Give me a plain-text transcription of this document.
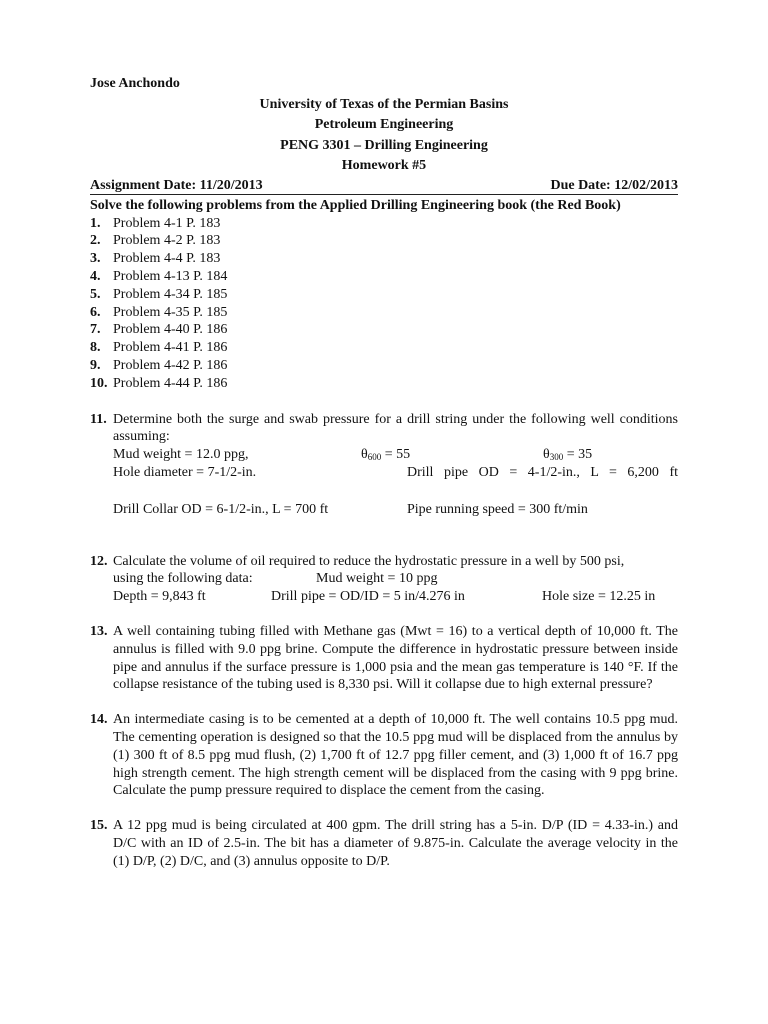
Jose Anchondo
University of Texas of the Permian Basins
Petroleum Engineering
PENG 3301 – Drilling Engineering
Homework #5
Assignment Date: 11/20/2013	Due Date: 12/02/2013
Solve the following problems from the Applied Drilling Engineering book (the Red Book)
1. Problem 4-1 P. 183
2. Problem 4-2 P. 183
3. Problem 4-4 P. 183
4. Problem 4-13 P. 184
5. Problem 4-34 P. 185
6. Problem 4-35 P. 185
7. Problem 4-40 P. 186
8. Problem 4-41 P. 186
9. Problem 4-42 P. 186
10. Problem 4-44 P. 186
11. Determine both the surge and swab pressure for a drill string under the following well conditions assuming:
Mud weight = 12.0 ppg,	$\theta_{600} = 55$	$\theta_{300} = 35$
Hole diameter = 7-1/2-in.	Drill pipe OD = 4-1/2-in., L = 6,200 ft
Drill Collar OD = 6-1/2-in., L = 700 ft	Pipe running speed = 300 ft/min
12. Calculate the volume of oil required to reduce the hydrostatic pressure in a well by 500 psi,
using the following data:	Mud weight = 10 ppg
Depth = 9,843 ft	Drill pipe = OD/ID = 5 in/4.276 in	Hole size = 12.25 in
13. A well containing tubing filled with Methane gas (Mwt = 16) to a vertical depth of 10,000 ft. The annulus is filled with 9.0 ppg brine. Compute the difference in hydrostatic pressure between inside pipe and annulus if the surface pressure is 1,000 psia and the mean gas temperature is 140 °F. If the collapse resistance of the tubing used is 8,330 psi. Will it collapse due to high external pressure?
14. An intermediate casing is to be cemented at a depth of 10,000 ft. The well contains 10.5 ppg mud. The cementing operation is designed so that the 10.5 ppg mud will be displaced from the annulus by (1) 300 ft of 8.5 ppg mud flush, (2) 1,700 ft of 12.7 ppg filler cement, and (3) 1,000 ft of 16.7 ppg high strength cement. The high strength cement will be displaced from the casing with 9 ppg brine. Calculate the pump pressure required to displace the cement from the casing.
15. A 12 ppg mud is being circulated at 400 gpm. The drill string has a 5-in. D/P (ID = 4.33-in.) and D/C with an ID of 2.5-in. The bit has a diameter of 9.875-in. Calculate the average velocity in the (1) D/P, (2) D/C, and (3) annulus opposite to D/P.
